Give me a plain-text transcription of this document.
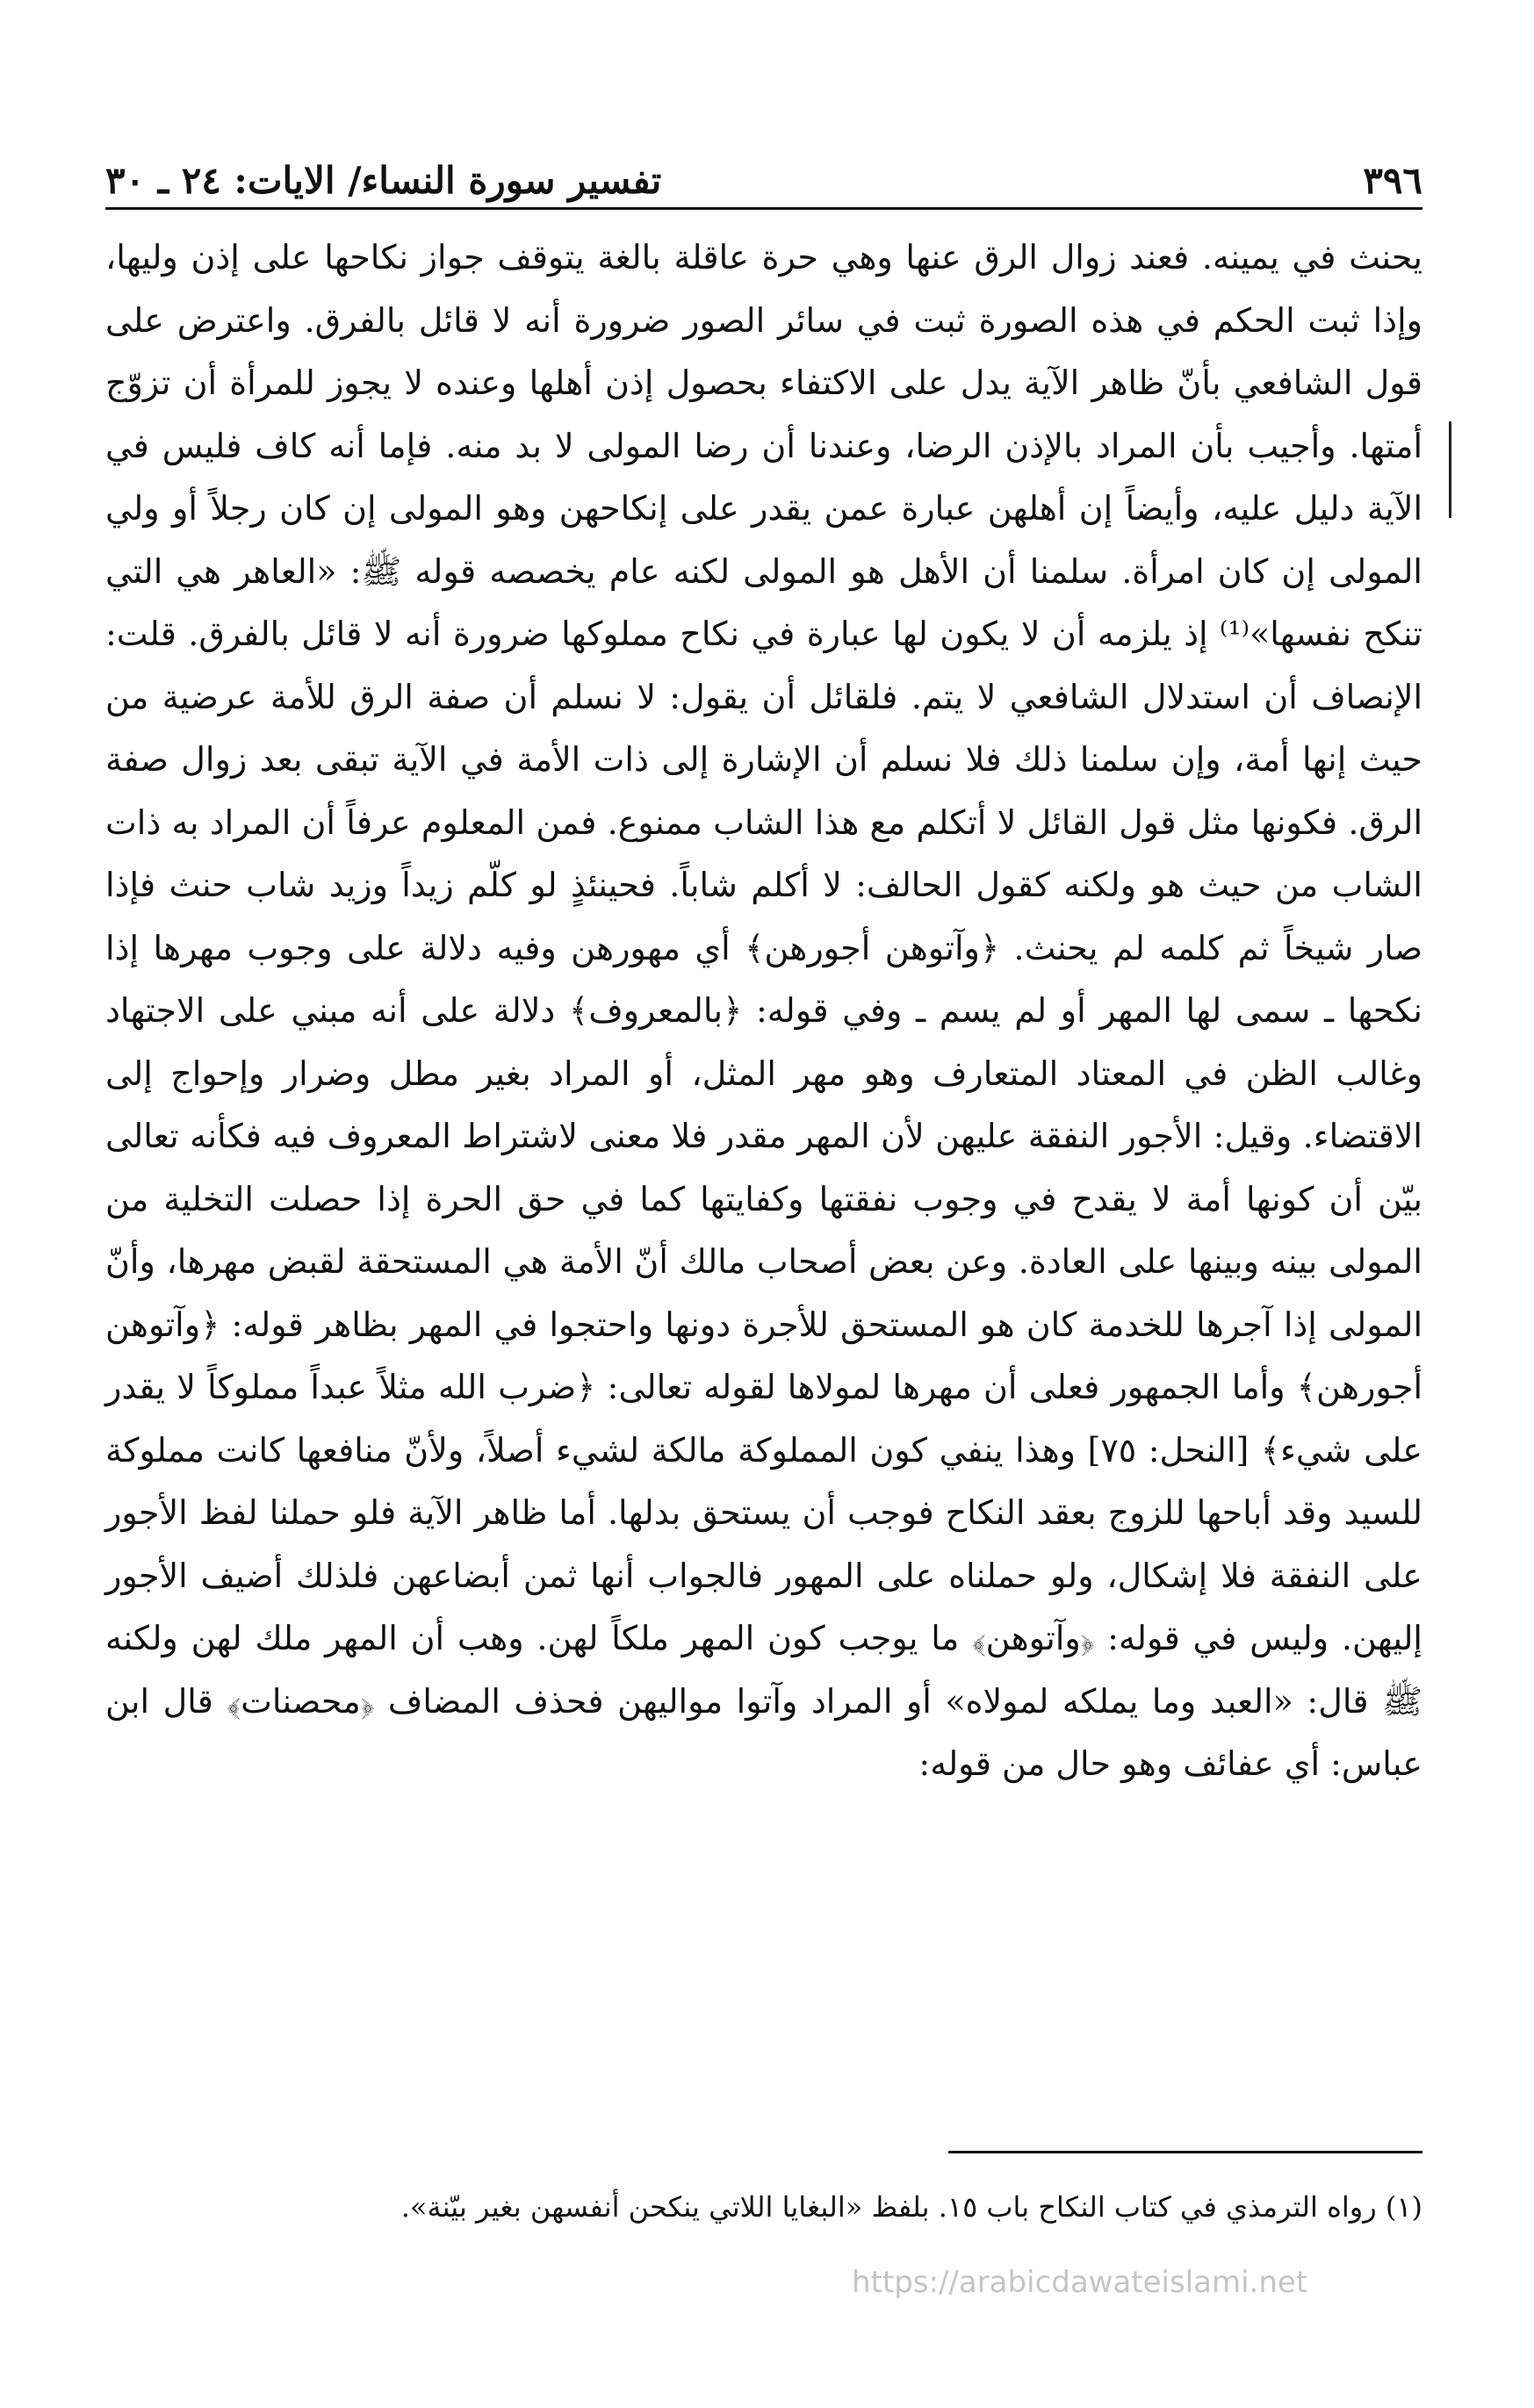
٣٩٦
تفسير سورة النساء/ الايات: ٢٤ ـ ٣٠

يحنث في يمينه. فعند زوال الرق عنها وهي حرة عاقلة بالغة يتوقف جواز نكاحها على إذن وليها، وإذا ثبت الحكم في هذه الصورة ثبت في سائر الصور ضرورة أنه لا قائل بالفرق. واعترض على قول الشافعي بأنّ ظاهر الآية يدل على الاكتفاء بحصول إذن أهلها وعنده لا يجوز للمرأة أن تزوّج أمتها. وأجيب بأن المراد بالإذن الرضا، وعندنا أن رضا المولى لا بد منه. فإما أنه كاف فليس في الآية دليل عليه، وأيضاً إن أهلهن عبارة عمن يقدر على إنكاحهن وهو المولى إن كان رجلاً أو ولي المولى إن كان امرأة. سلمنا أن الأهل هو المولى لكنه عام يخصصه قوله ﷺ: «العاهر هي التي تنكح نفسها»⁽¹⁾ إذ يلزمه أن لا يكون لها عبارة في نكاح مملوكها ضرورة أنه لا قائل بالفرق. قلت: الإنصاف أن استدلال الشافعي لا يتم. فلقائل أن يقول: لا نسلم أن صفة الرق للأمة عرضية من حيث إنها أمة، وإن سلمنا ذلك فلا نسلم أن الإشارة إلى ذات الأمة في الآية تبقى بعد زوال صفة الرق. فكونها مثل قول القائل لا أتكلم مع هذا الشاب ممنوع. فمن المعلوم عرفاً أن المراد به ذات الشاب من حيث هو ولكنه كقول الحالف: لا أكلم شاباً. فحينئذٍ لو كلّم زيداً وزيد شاب حنث فإذا صار شيخاً ثم كلمه لم يحنث. ﴿وآتوهن أجورهن﴾ أي مهورهن وفيه دلالة على وجوب مهرها إذا نكحها ـ سمى لها المهر أو لم يسم ـ وفي قوله: ﴿بالمعروف﴾ دلالة على أنه مبني على الاجتهاد وغالب الظن في المعتاد المتعارف وهو مهر المثل، أو المراد بغير مطل وضرار وإحواج إلى الاقتضاء. وقيل: الأجور النفقة عليهن لأن المهر مقدر فلا معنى لاشتراط المعروف فيه فكأنه تعالى بيّن أن كونها أمة لا يقدح في وجوب نفقتها وكفايتها كما في حق الحرة إذا حصلت التخلية من المولى بينه وبينها على العادة. وعن بعض أصحاب مالك أنّ الأمة هي المستحقة لقبض مهرها، وأنّ المولى إذا آجرها للخدمة كان هو المستحق للأجرة دونها واحتجوا في المهر بظاهر قوله: ﴿وآتوهن أجورهن﴾ وأما الجمهور فعلى أن مهرها لمولاها لقوله تعالى: ﴿ضرب الله مثلاً عبداً مملوكاً لا يقدر على شيء﴾ [النحل: ٧٥] وهذا ينفي كون المملوكة مالكة لشيء أصلاً، ولأنّ منافعها كانت مملوكة للسيد وقد أباحها للزوج بعقد النكاح فوجب أن يستحق بدلها. أما ظاهر الآية فلو حملنا لفظ الأجور على النفقة فلا إشكال، ولو حملناه على المهور فالجواب أنها ثمن أبضاعهن فلذلك أضيف الأجور إليهن. وليس في قوله: ﴿وآتوهن﴾ ما يوجب كون المهر ملكاً لهن. وهب أن المهر ملك لهن ولكنه ﷺ قال: «العبد وما يملكه لمولاه» أو المراد وآتوا مواليهن فحذف المضاف ﴿محصنات﴾ قال ابن عباس: أي عفائف وهو حال من قوله:

(١) رواه الترمذي في كتاب النكاح باب ١٥. بلفظ «البغايا اللاتي ينكحن أنفسهن بغير بيّنة».
https://arabicdawateislami.net
